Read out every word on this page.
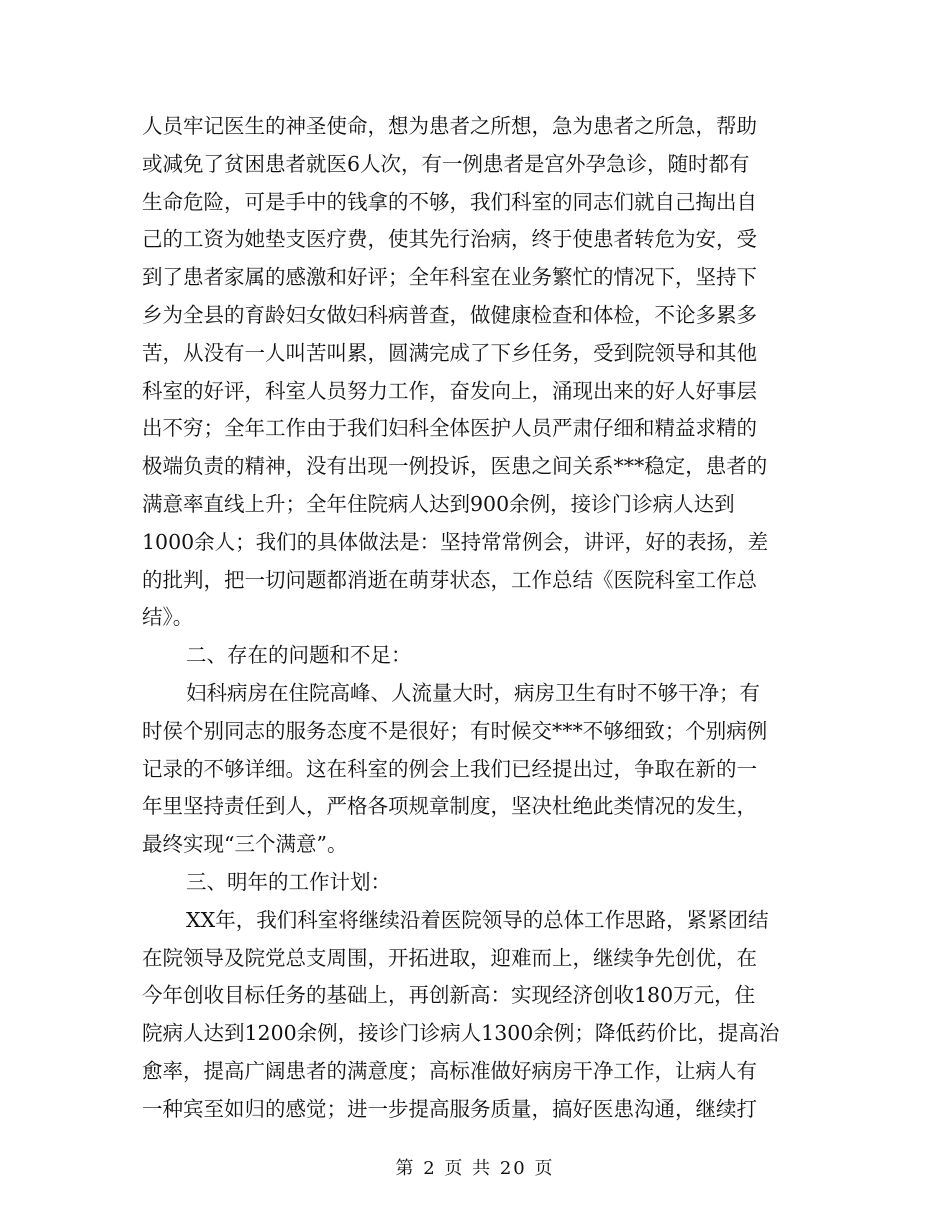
人员牢记医生的神圣使命，想为患者之所想，急为患者之所急，帮助
或减免了贫困患者就医6人次，有一例患者是宫外孕急诊，随时都有
生命危险，可是手中的钱拿的不够，我们科室的同志们就自己掏出自
己的工资为她垫支医疗费，使其先行治病，终于使患者转危为安，受
到了患者家属的感激和好评；全年科室在业务繁忙的情况下，坚持下
乡为全县的育龄妇女做妇科病普查，做健康检查和体检，不论多累多
苦，从没有一人叫苦叫累，圆满完成了下乡任务，受到院领导和其他
科室的好评，科室人员努力工作，奋发向上，涌现出来的好人好事层
出不穷；全年工作由于我们妇科全体医护人员严肃仔细和精益求精的
极端负责的精神，没有出现一例投诉，医患之间关系***稳定，患者的
满意率直线上升；全年住院病人达到900余例，接诊门诊病人达到
1000余人；我们的具体做法是：坚持常常例会，讲评，好的表扬，差
的批判，把一切问题都消逝在萌芽状态，工作总结《医院科室工作总
结》。
二、存在的问题和不足：
妇科病房在住院高峰、人流量大时，病房卫生有时不够干净；有
时侯个别同志的服务态度不是很好；有时候交***不够细致；个别病例
记录的不够详细。这在科室的例会上我们已经提出过，争取在新的一
年里坚持责任到人，严格各项规章制度，坚决杜绝此类情况的发生，
最终实现“三个满意”。
三、明年的工作计划：
XX年，我们科室将继续沿着医院领导的总体工作思路，紧紧团结
在院领导及院党总支周围，开拓进取，迎难而上，继续争先创优，在
今年创收目标任务的基础上，再创新高：实现经济创收180万元，住
院病人达到1200余例，接诊门诊病人1300余例；降低药价比，提高治
愈率，提高广阔患者的满意度；高标准做好病房干净工作，让病人有
一种宾至如归的感觉；进一步提高服务质量，搞好医患沟通，继续打
第 2 页 共 20 页
